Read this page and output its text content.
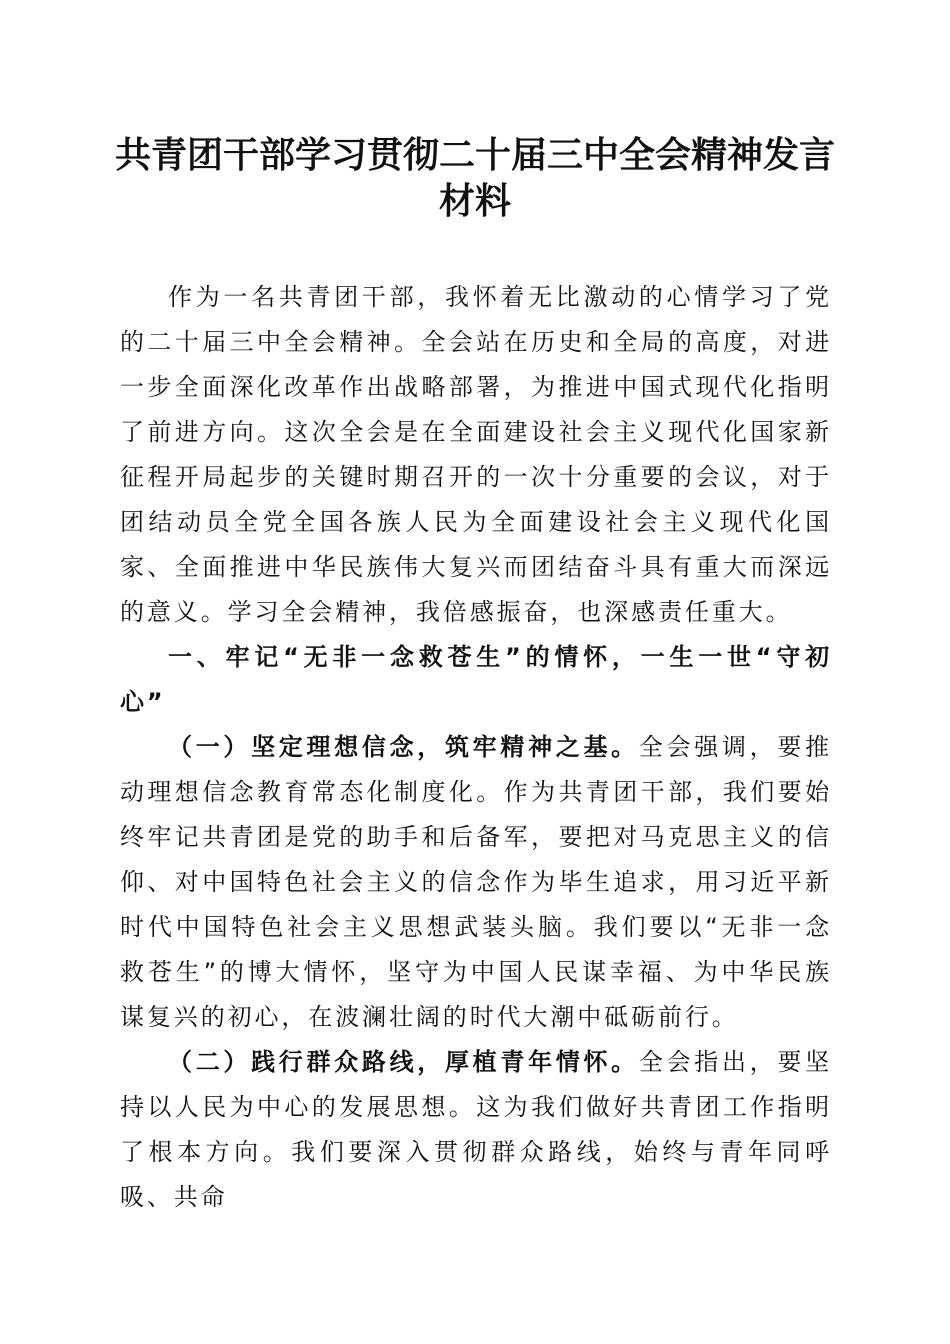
共青团干部学习贯彻二十届三中全会精神发言材料

作为一名共青团干部，我怀着无比激动的心情学习了党的二十届三中全会精神。全会站在历史和全局的高度，对进一步全面深化改革作出战略部署，为推进中国式现代化指明了前进方向。这次全会是在全面建设社会主义现代化国家新征程开局起步的关键时期召开的一次十分重要的会议，对于团结动员全党全国各族人民为全面建设社会主义现代化国家、全面推进中华民族伟大复兴而团结奋斗具有重大而深远的意义。学习全会精神，我倍感振奋，也深感责任重大。

一、牢记“无非一念救苍生”的情怀，一生一世“守初心”

（一）坚定理想信念，筑牢精神之基。全会强调，要推动理想信念教育常态化制度化。作为共青团干部，我们要始终牢记共青团是党的助手和后备军，要把对马克思主义的信仰、对中国特色社会主义的信念作为毕生追求，用习近平新时代中国特色社会主义思想武装头脑。我们要以“无非一念救苍生”的博大情怀，坚守为中国人民谋幸福、为中华民族谋复兴的初心，在波澜壮阔的时代大潮中砥砺前行。

（二）践行群众路线，厚植青年情怀。全会指出，要坚持以人民为中心的发展思想。这为我们做好共青团工作指明了根本方向。我们要深入贯彻群众路线，始终与青年同呼吸、共命
